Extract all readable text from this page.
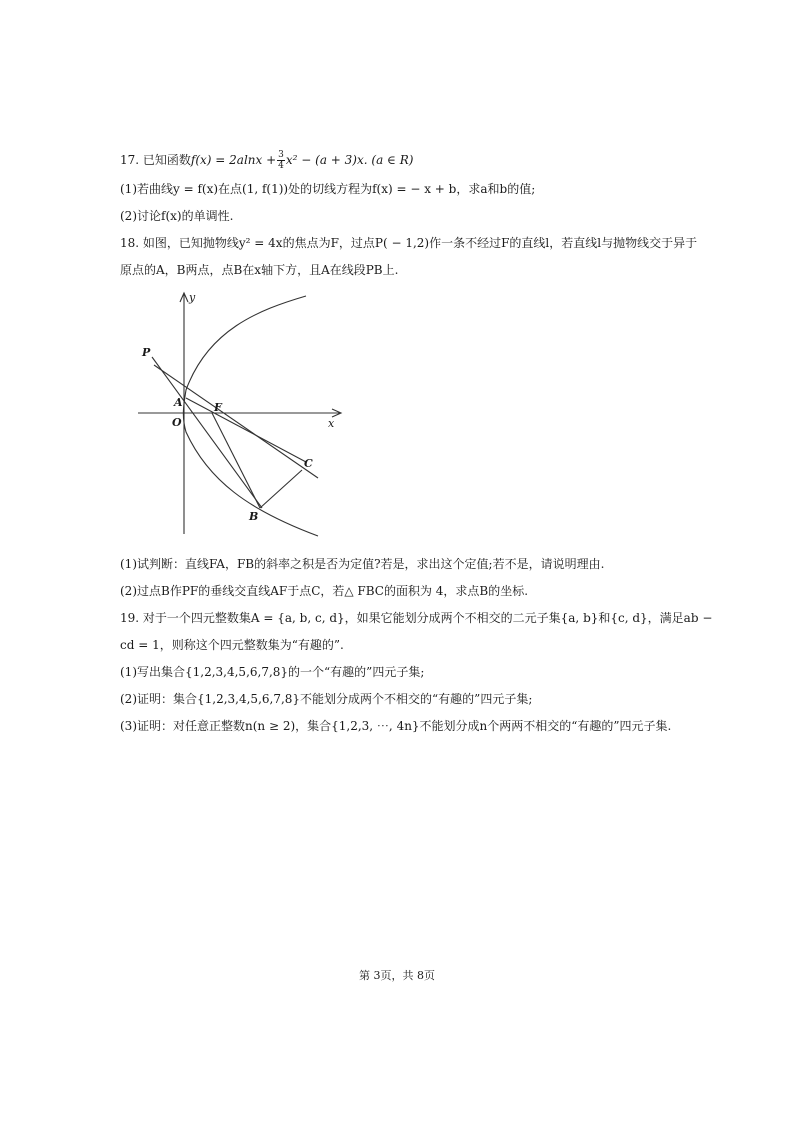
17. 已知函数$f(x) = 2alnx + \frac{3}{4} x^2 - (a + 3)x$. (a ∈ R)
(1)若曲线y = f(x)在点(1, f(1))处的切线方程为f(x) = − x + b，求a和b的值;
(2)讨论f(x)的单调性.
18. 如图，已知抛物线y² = 4x的焦点为F，过点P( − 1,2)作一条不经过F的直线l，若直线l与抛物线交于异于
原点的A，B两点，点B在x轴下方，且A在线段PB上.
y
x
P
A	F
O
C
B
(1)试判断：直线FA，FB的斜率之积是否为定值?若是，求出这个定值;若不是，请说明理由.
(2)过点B作PF的垂线交直线AF于点C，若△ FBC的面积为 4，求点B的坐标.
19. 对于一个四元整数集A = {a, b, c, d}，如果它能划分成两个不相交的二元子集{a, b}和{c, d}，满足ab −
cd = 1，则称这个四元整数集为“有趣的”.
(1)写出集合{1,2,3,4,5,6,7,8}的一个“有趣的”四元子集;
(2)证明：集合{1,2,3,4,5,6,7,8}不能划分成两个不相交的“有趣的”四元子集;
(3)证明：对任意正整数n(n ≥ 2)，集合{1,2,3, ⋯, 4n}不能划分成n个两两不相交的“有趣的”四元子集.
第 3页，共 8页
